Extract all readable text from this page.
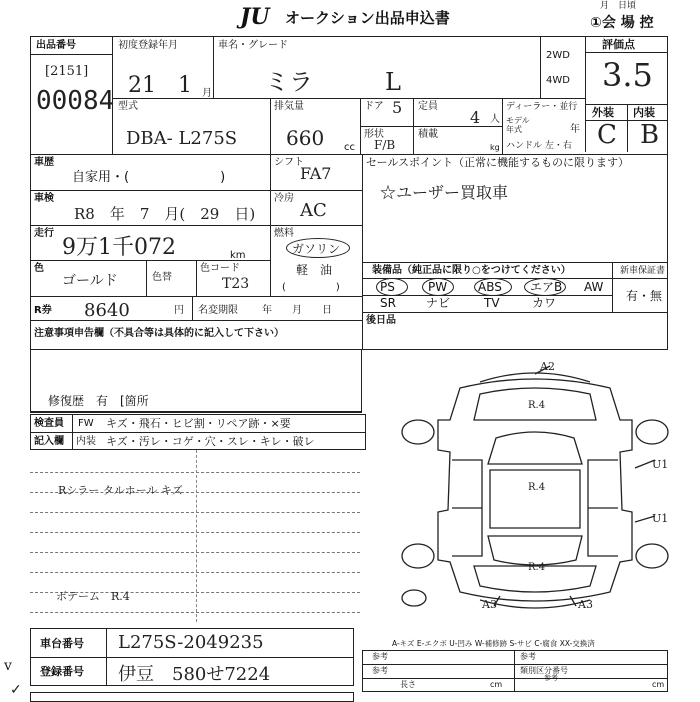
JU オークション出品申込書
月　日頃
①会 場 控
出品番号
[2151]
00084
初度登録年月
21　1 月
車名・グレード
ミラ　　　L
2WD
4WD
評価点
3.5
外装 内装
C B
型式
DBA- L275S
排気量
660 cc
ドア 5 定員
4 人
形状
F/B
積載
kg
ディーラー・並行
モデル年式	年
ハンドル 左・右
車歴
自家用・(　　　　　　　)
シフト
FA7
車検
R8　年　7　月(　29　日)
冷房
AC
走行
9万1千072	km
燃料
ガソリン
軽　油
(　　　　　)
色
ゴールド	色替
色コード
T23
R券 8640	円 名変期限 年　　月　　日
注意事項申告欄（不具合等は具体的に記入して下さい）
修復歴　有　[箇所
検査員
記入欄
FW キズ・飛石・ヒビ割・リペア跡・×要
内装 キズ・汚レ・コゲ・穴・スレ・キレ・破レ
Rシラー タルホール キズ
ボテーム　R.4
v
✓
車台番号 L275S-2049235
登録番号 伊豆　580せ7224
セールスポイント（正常に機能するものに限ります）
☆ユーザー買取車
装備品（純正品に限り○をつけてください）	新車保証書
有・無
PS	PW	ABS エアB AW
SR	ナビ	TV	カワ
後日品
A2
U1
U1
A3	A3
R.4
R.4
R.4
A-キズ E-エクボ U-凹み W-補修跡 S-サビ C-腐食 XX-交換済
参考
参考
長さ	cm
参考
類別区分番号
参考
cm
